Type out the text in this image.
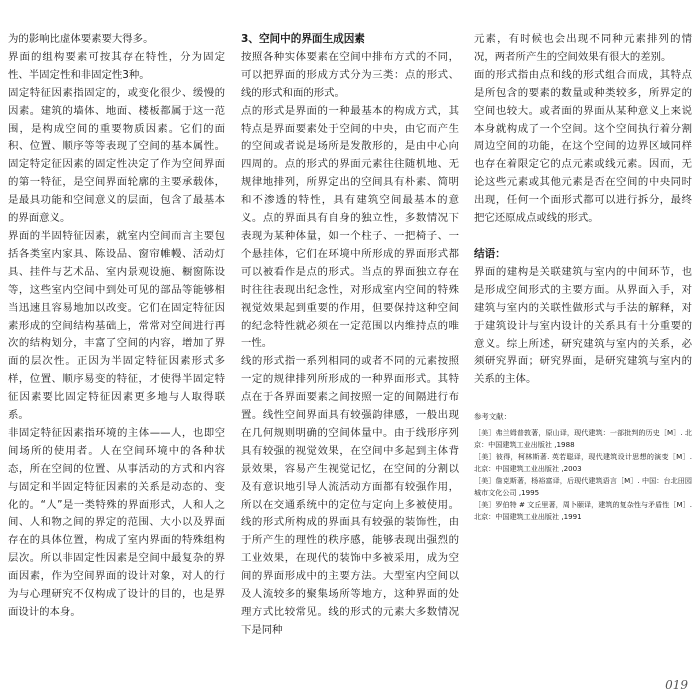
为的影响比虚体要素要大得多。

界面的组构要素可按其存在特性，分为固定性、半固定性和非固定性3种。

固定特征因素指固定的，或变化很少、缓慢的因素。建筑的墙体、地面、楼板都属于这一范围，是构成空间的重要物质因素。它们的面积、位置、顺序等等表现了空间的基本属性。固定特定征因素的固定性决定了作为空间界面的第一特征，是空间界面轮廓的主要承载体，是最具功能和空间意义的层面，包含了最基本的界面意义。

界面的半固特征因素，就室内空间而言主要包括各类室内家具、陈设品、窗帘帷幔、活动灯具、挂件与艺术品、室内景观设施、橱窗陈设等，这些室内空间中到处可见的部品等能够相当迅速且容易地加以改变。它们在固定特征因素形成的空间结构基础上，常常对空间进行再次的结构划分，丰富了空间的内容，增加了界面的层次性。正因为半固定特征因素形式多样，位置、顺序易变的特征，才使得半固定特征因素要比固定特征因素更多地与人取得联系。

非固定特征因素指环境的主体——人，也即空间场所的使用者。人在空间环境中的各种状态，所在空间的位置、从事活动的方式和内容与固定和半固定特征因素的关系是动态的、变化的。“人”是一类特殊的界面形式，人和人之间、人和物之间的界定的范围、大小以及界面存在的具体位置，构成了室内界面的特殊组构层次。所以非固定性因素是空间中最复杂的界面因素，作为空间界面的设计对象，对人的行为与心理研究不仅构成了设计的目的，也是界面设计的本身。

3、空间中的界面生成因素

按照各种实体要素在空间中排布方式的不同，可以把界面的形成方式分为三类：点的形式、线的形式和面的形式。

点的形式是界面的一种最基本的构成方式，其特点是界面要素处于空间的中央，由它而产生的空间或者说是场所是发散形的，是由中心向四周的。点的形式的界面元素往往随机地、无规律地排列，所界定出的空间具有朴素、简明和不渗透的特性，具有建筑空间最基本的意义。点的界面具有自身的独立性，多数情况下表现为某种体量，如一个柱子、一把椅子、一个悬挂体，它们在环境中所形成的界面形式都可以被看作是点的形式。当点的界面独立存在时往往表现出纪念性，对形成室内空间的特殊视觉效果起到重要的作用，但要保持这种空间的纪念特性就必须在一定范围以内维持点的唯一性。

线的形式指一系列相同的或者不同的元素按照一定的规律排列所形成的一种界面形式。其特点在于各界面要素之间按照一定的间隔进行布置。线性空间界面具有较强韵律感，一般出现在几何规则明确的空间体量中。由于线形序列具有较强的视觉效果，在空间中多起到主体背景效果，容易产生视觉记忆，在空间的分割以及有意识地引导人流活动方面都有较强作用，所以在交通系统中的定位与定向上多被使用。线的形式所构成的界面具有较强的装饰性，由于所产生的理性的秩序感，能够表现出强烈的工业效果，在现代的装饰中多被采用，成为空间的界面形成中的主要方法。大型室内空间以及人流较多的聚集场所等地方，这种界面的处理方式比较常见。线的形式的元素大多数情况下是同种

元素，有时候也会出现不同种元素排列的情况，两者所产生的空间效果有很大的差别。

面的形式指由点和线的形式组合而成，其特点是所包含的要素的数量或种类较多，所界定的空间也较大。或者面的界面从某种意义上来说本身就构成了一个空间。这个空间执行着分割周边空间的功能，在这个空间的边界区域同样也存在着限定它的点元素或线元素。因而，无论这些元素或其他元素是否在空间的中央同时出现，任何一个面形式都可以进行拆分，最终把它还原成点或线的形式。

结语：

界面的建构是关联建筑与室内的中间环节，也是形成空间形式的主要方面。从界面入手，对建筑与室内的关联性做形式与手法的解释，对于建筑设计与室内设计的关系具有十分重要的意义。综上所述，研究建筑与室内的关系，必须研究界面；研究界面，是研究建筑与室内的关系的主体。

参考文献：

［美］弗兰姆普敦著，原山译，现代建筑：一部批判的历史［M］. 北京：中国建筑工业出版社 ,1988

［美］彼得，柯林斯著. 英若聪译，现代建筑设计思想的演变［M］. 北京：中国建筑工业出版社 ,2003

［美］詹克斯著，杨裕富译，后现代建筑语言［M］. 中国：台北田园城市文化公司 ,1995

［美］罗伯特 # 文丘里著，周卜颐译，建筑的复杂性与矛盾性［M］. 北京：中国建筑工业出版社 ,1991

019
